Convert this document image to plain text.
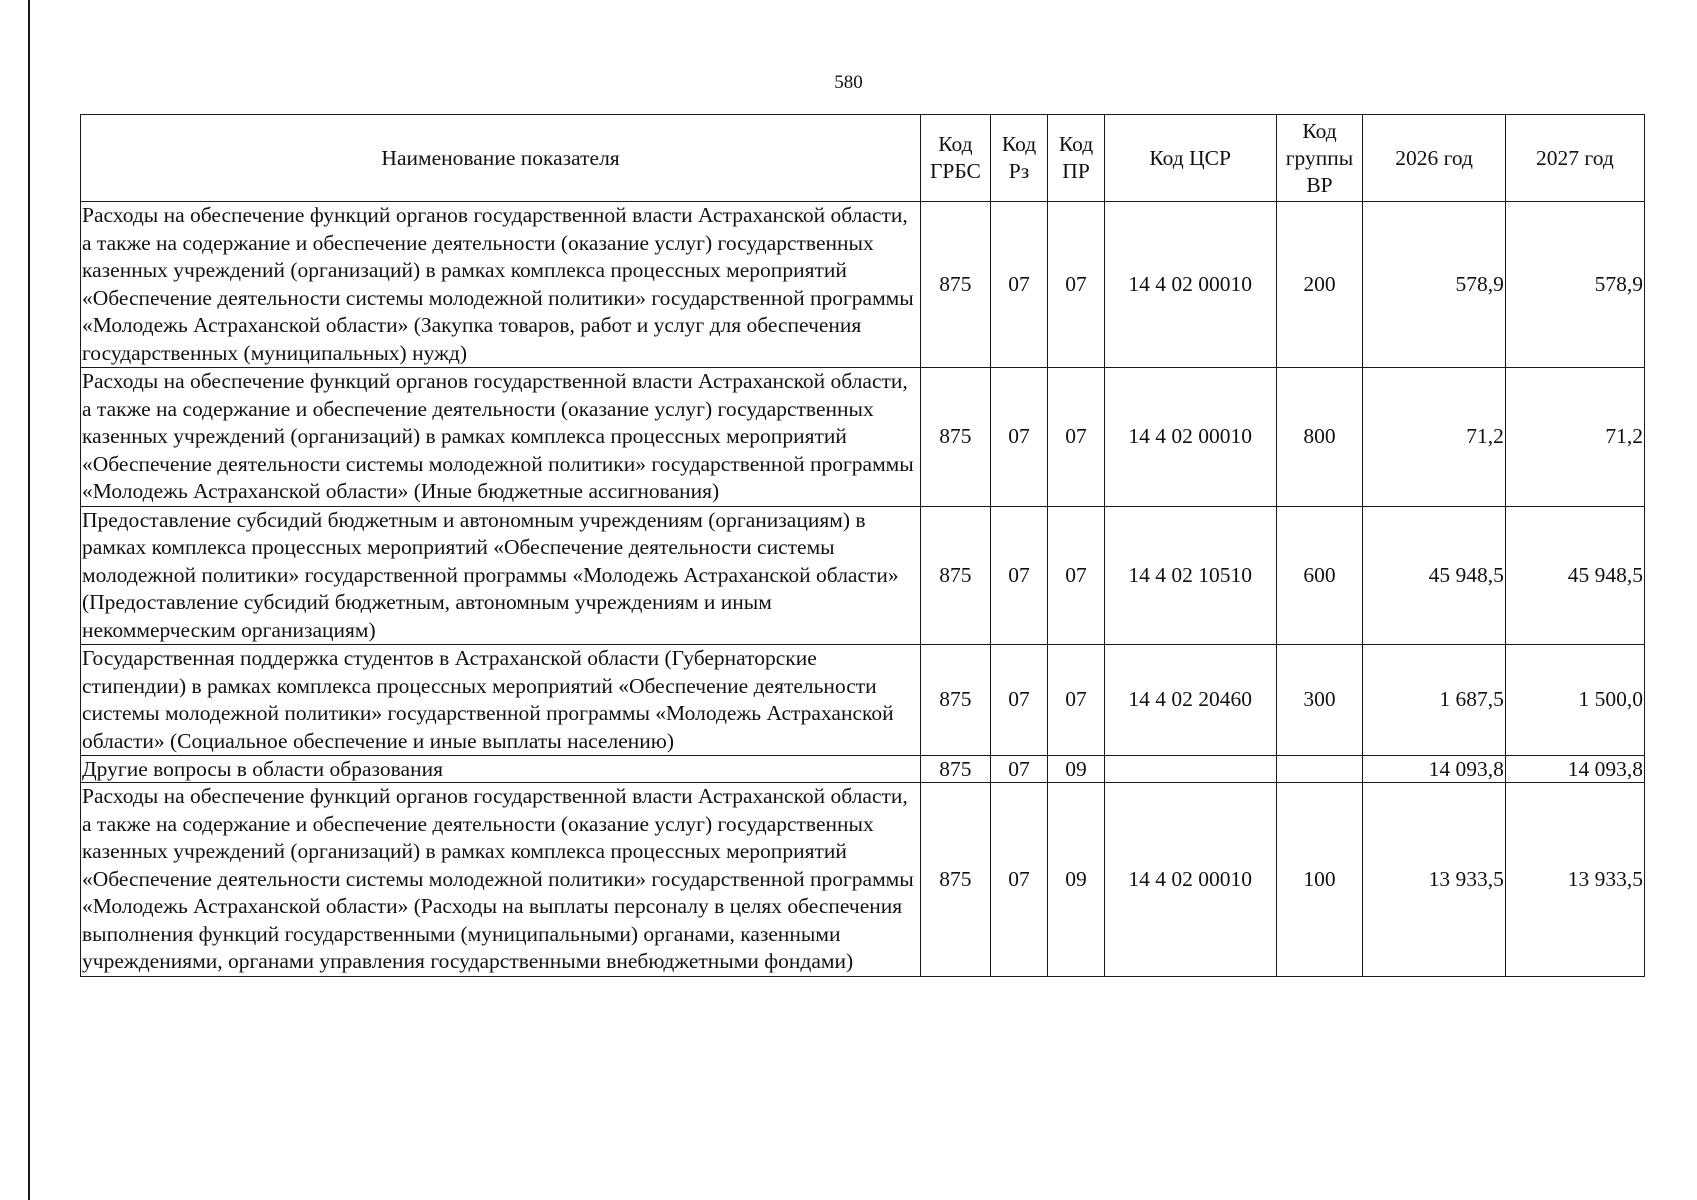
580
Наименование показателя	Код ГРБС	Код Рз	Код ПР	Код ЦСР	Код группы ВР	2026 год	2027 год
Расходы на обеспечение функций органов государственной власти Астраханской области, а также на содержание и обеспечение деятельности (оказание услуг) государственных казенных учреждений (организаций) в рамках комплекса процессных мероприятий «Обеспечение деятельности системы молодежной политики» государственной программы «Молодежь Астраханской области» (Закупка товаров, работ и услуг для обеспечения государственных (муниципальных) нужд)	875	07	07	14 4 02 00010	200	578,9	578,9
Расходы на обеспечение функций органов государственной власти Астраханской области, а также на содержание и обеспечение деятельности (оказание услуг) государственных казенных учреждений (организаций) в рамках комплекса процессных мероприятий «Обеспечение деятельности системы молодежной политики» государственной программы «Молодежь Астраханской области» (Иные бюджетные ассигнования)	875	07	07	14 4 02 00010	800	71,2	71,2
Предоставление субсидий бюджетным и автономным учреждениям (организациям) в рамках комплекса процессных мероприятий «Обеспечение деятельности системы молодежной политики» государственной программы «Молодежь Астраханской области» (Предоставление субсидий бюджетным, автономным учреждениям и иным некоммерческим организациям)	875	07	07	14 4 02 10510	600	45 948,5	45 948,5
Государственная поддержка студентов в Астраханской области (Губернаторские стипендии) в рамках комплекса процессных мероприятий «Обеспечение деятельности системы молодежной политики» государственной программы «Молодежь Астраханской области» (Социальное обеспечение и иные выплаты населению)	875	07	07	14 4 02 20460	300	1 687,5	1 500,0
Другие вопросы в области образования	875	07	09			14 093,8	14 093,8
Расходы на обеспечение функций органов государственной власти Астраханской области, а также на содержание и обеспечение деятельности (оказание услуг) государственных казенных учреждений (организаций) в рамках комплекса процессных мероприятий «Обеспечение деятельности системы молодежной политики» государственной программы «Молодежь Астраханской области» (Расходы на выплаты персоналу в целях обеспечения выполнения функций государственными (муниципальными) органами, казенными учреждениями, органами управления государственными внебюджетными фондами)	875	07	09	14 4 02 00010	100	13 933,5	13 933,5
